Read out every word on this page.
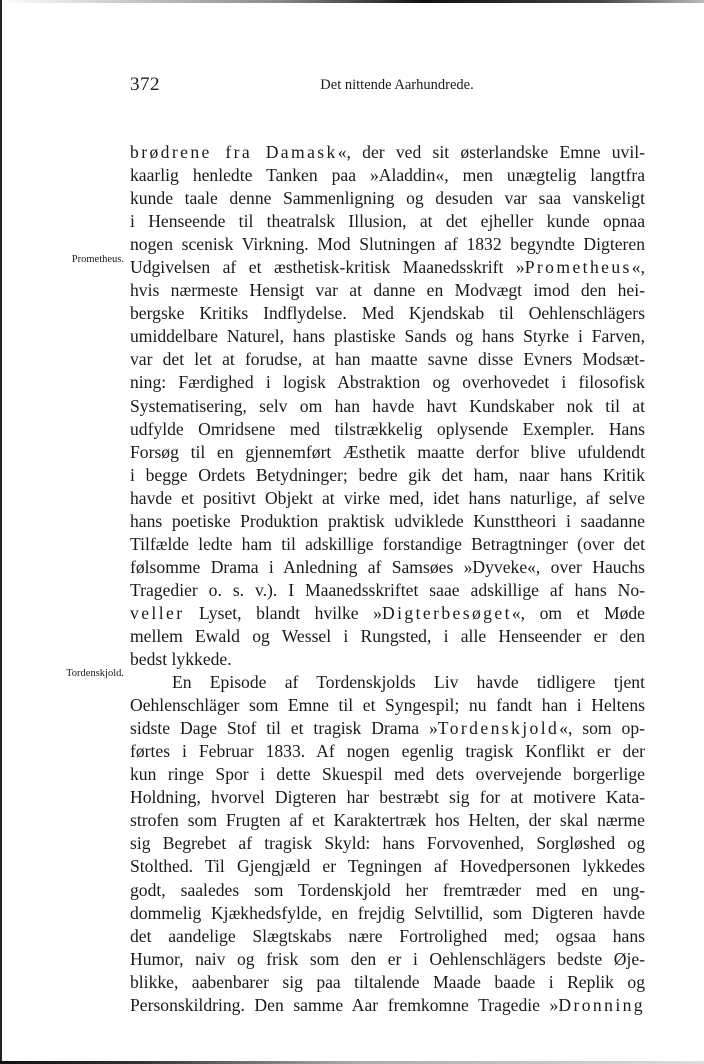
372	Det nittende Aarhundrede.
Prometheus.
Tordenskjold.
brødrene fra Damask«, der ved sit østerlandske Emne uvil-
kaarlig henledte Tanken paa »Aladdin«, men unægtelig langtfra
kunde taale denne Sammenligning og desuden var saa vanskeligt
i Henseende til theatralsk Illusion, at det ejheller kunde opnaa
nogen scenisk Virkning. Mod Slutningen af 1832 begyndte Digteren
Udgivelsen af et æsthetisk-kritisk Maanedsskrift »Prometheus«,
hvis nærmeste Hensigt var at danne en Modvægt imod den hei-
bergske Kritiks Indflydelse. Med Kjendskab til Oehlenschlägers
umiddelbare Naturel, hans plastiske Sands og hans Styrke i Farven,
var det let at forudse, at han maatte savne disse Evners Modsæt-
ning: Færdighed i logisk Abstraktion og overhovedet i filosofisk
Systematisering, selv om han havde havt Kundskaber nok til at
udfylde Omridsene med tilstrækkelig oplysende Exempler. Hans
Forsøg til en gjennemført Æsthetik maatte derfor blive ufuldendt
i begge Ordets Betydninger; bedre gik det ham, naar hans Kritik
havde et positivt Objekt at virke med, idet hans naturlige, af selve
hans poetiske Produktion praktisk udviklede Kunsttheori i saadanne
Tilfælde ledte ham til adskillige forstandige Betragtninger (over det
følsomme Drama i Anledning af Samsøes »Dyveke«, over Hauchs
Tragedier o. s. v.). I Maanedsskriftet saae adskillige af hans No-
veller Lyset, blandt hvilke »Digterbesøget«, om et Møde
mellem Ewald og Wessel i Rungsted, i alle Henseender er den
bedst lykkede.
En Episode af Tordenskjolds Liv havde tidligere tjent
Oehlenschläger som Emne til et Syngespil; nu fandt han i Heltens
sidste Dage Stof til et tragisk Drama »Tordenskjold«, som op-
førtes i Februar 1833. Af nogen egenlig tragisk Konflikt er der
kun ringe Spor i dette Skuespil med dets overvejende borgerlige
Holdning, hvorvel Digteren har bestræbt sig for at motivere Kata-
strofen som Frugten af et Karaktertræk hos Helten, der skal nærme
sig Begrebet af tragisk Skyld: hans Forvovenhed, Sorgløshed og
Stolthed. Til Gjengjæld er Tegningen af Hovedpersonen lykkedes
godt, saaledes som Tordenskjold her fremtræder med en ung-
dommelig Kjækhedsfylde, en frejdig Selvtillid, som Digteren havde
det aandelige Slægtskabs nære Fortrolighed med; ogsaa hans
Humor, naiv og frisk som den er i Oehlenschlägers bedste Øje-
blikke, aabenbarer sig paa tiltalende Maade baade i Replik og
Personskildring. Den samme Aar fremkomne Tragedie »Dronning
